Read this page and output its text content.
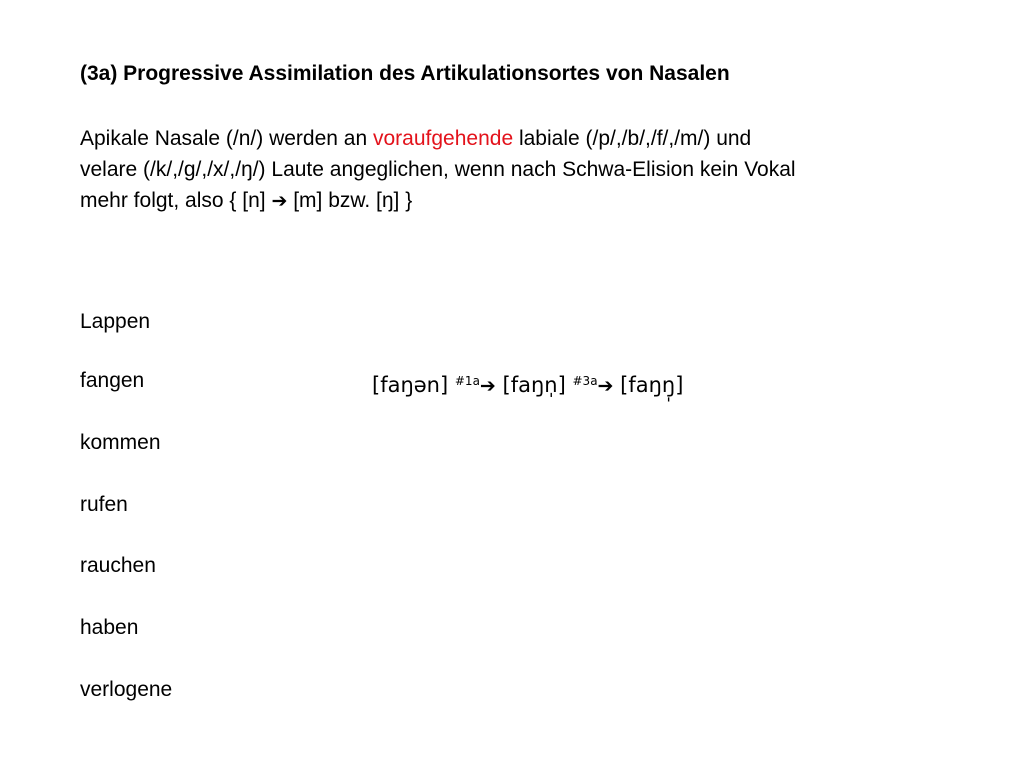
(3a) Progressive Assimilation des Artikulationsortes von Nasalen
Apikale Nasale (/n/) werden an voraufgehende labiale (/p/,/b/,/f/,/m/) und
velare (/k/,/g/,/x/,/ŋ/) Laute angeglichen, wenn nach Schwa-Elision kein Vokal
mehr folgt, also { [n] ➔ [m] bzw. [ŋ] }
Lappen
fangen
kommen
rufen
rauchen
haben
verlogene
[faŋən] $^{\#1a}$➔ [faŋn̩] $^{\#3a}$➔ [faŋŋ̩]
